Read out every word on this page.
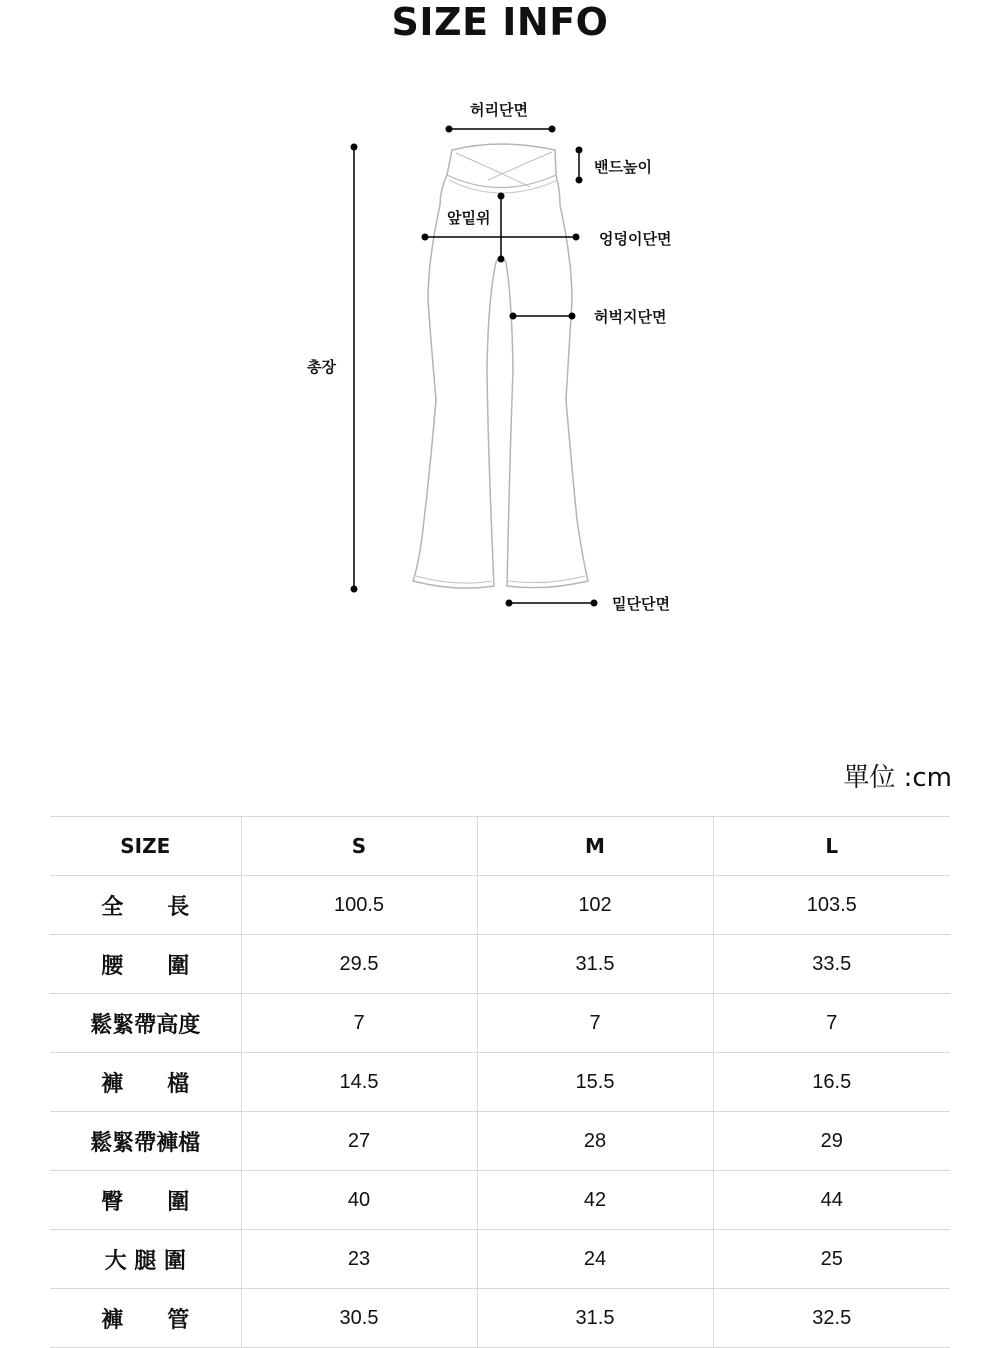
SIZE INFO
허리단면
밴드높이
앞밑위
엉덩이단면
허벅지단면
총장
밑단단면
單位 :cm
SIZE	S	M	L
全　　長	100.5	102	103.5
腰　　圍	29.5	31.5	33.5
鬆緊帶高度	7	7	7
褲　　檔	14.5	15.5	16.5
鬆緊帶褲檔	27	28	29
臀　　圍	40	42	44
大 腿 圍	23	24	25
褲　　管	30.5	31.5	32.5
